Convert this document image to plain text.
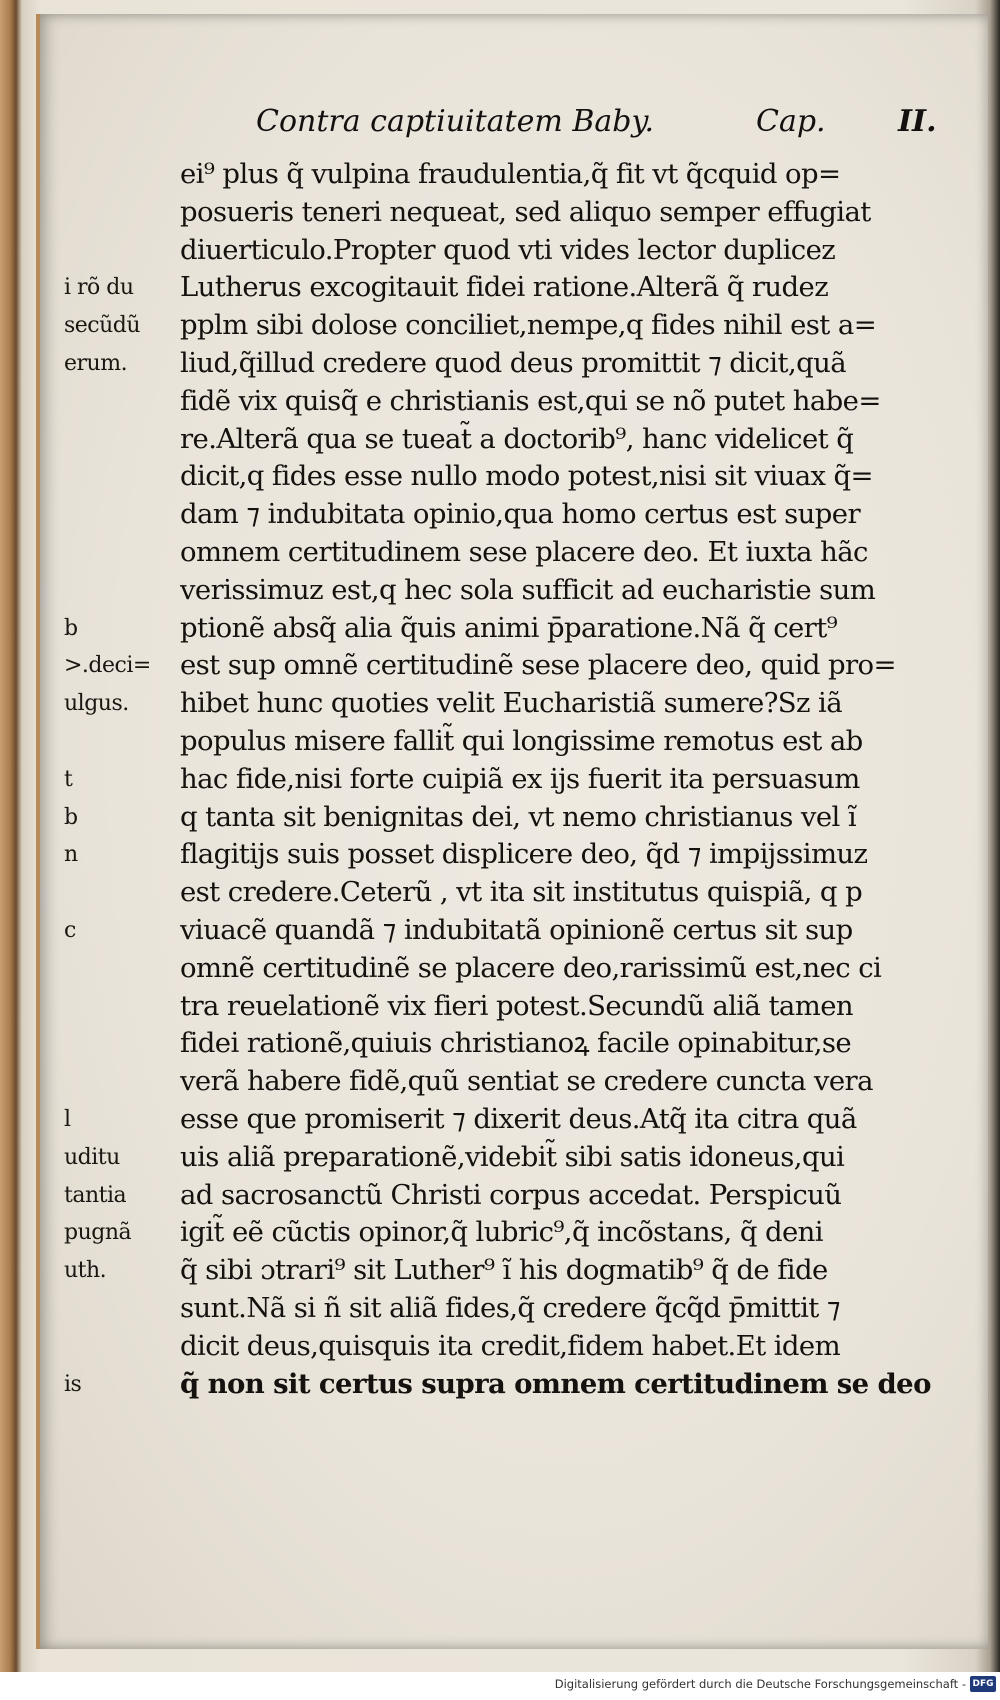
Contra captiuitatem Baby.	Cap. II.
i rõ du
secũdũ
erum.
b
>.deci=
ulgus.
t
b
n
c
l
uditu
tantia
pugnã
uth.
is
ei⁹ plus q̃ vulpina fraudulentia,q̃ fit vt q̃cquid op=
posueris teneri nequeat, sed aliquo semper effugiat
diuerticulo.Propter quod vti vides lector duplicez
Lutherus excogitauit fidei ratione.Alterã q̃ rudez
pplm sibi dolose conciliet,nempe,q fides nihil est a=
liud,q̃illud credere quod deus promittit ⁊ dicit,quã
fidẽ vix quisq̃ e christianis est,qui se nõ putet habe=
re.Alterã qua se tueat̃ a doctorib⁹, hanc videlicet q̃
dicit,q fides esse nullo modo potest,nisi sit viuax q̃=
dam ⁊ indubitata opinio,qua homo certus est super
omnem certitudinem sese placere deo. Et iuxta hãc
verissimuz est,q hec sola sufficit ad eucharistie sum
ptionẽ absq̃ alia q̃uis animi p̄paratione.Nã q̃ cert⁹
est sup omnẽ certitudinẽ sese placere deo, quid pro=
hibet hunc quoties velit Eucharistiã sumere?Sz iã
populus misere fallit̃ qui longissime remotus est ab
hac fide,nisi forte cuipiã ex ijs fuerit ita persuasum
q tanta sit benignitas dei, vt nemo christianus vel ĩ
flagitijs suis posset displicere deo, q̃d ⁊ impijssimuz
est credere.Ceterũ , vt ita sit institutus quispiã, q p
viuacẽ quandã ⁊ indubitatã opinionẽ certus sit sup
omnẽ certitudinẽ se placere deo,rarissimũ est,nec ci
tra reuelationẽ vix fieri potest.Secundũ aliã tamen
fidei rationẽ,quiuis christianoꝝ facile opinabitur,se
verã habere fidẽ,quũ sentiat se credere cuncta vera
esse que promiserit ⁊ dixerit deus.Atq̃ ita citra quã
uis aliã preparationẽ,videbit̃ sibi satis idoneus,qui
ad sacrosanctũ Christi corpus accedat. Perspicuũ
igit̃ eẽ cũctis opinor,q̃ lubric⁹,q̃ incõstans, q̃ deni
q̃ sibi ɔtrari⁹ sit Luther⁹ ĩ his dogmatib⁹ q̃ de fide
sunt.Nã si ñ sit aliã fides,q̃ credere q̃cq̃d p̄mittit ⁊
dicit deus,quisquis ita credit,fidem habet.Et idem
q̃ non sit certus supra omnem certitudinem se deo
Digitalisierung gefördert durch die Deutsche Forschungsgemeinschaft - DFG
